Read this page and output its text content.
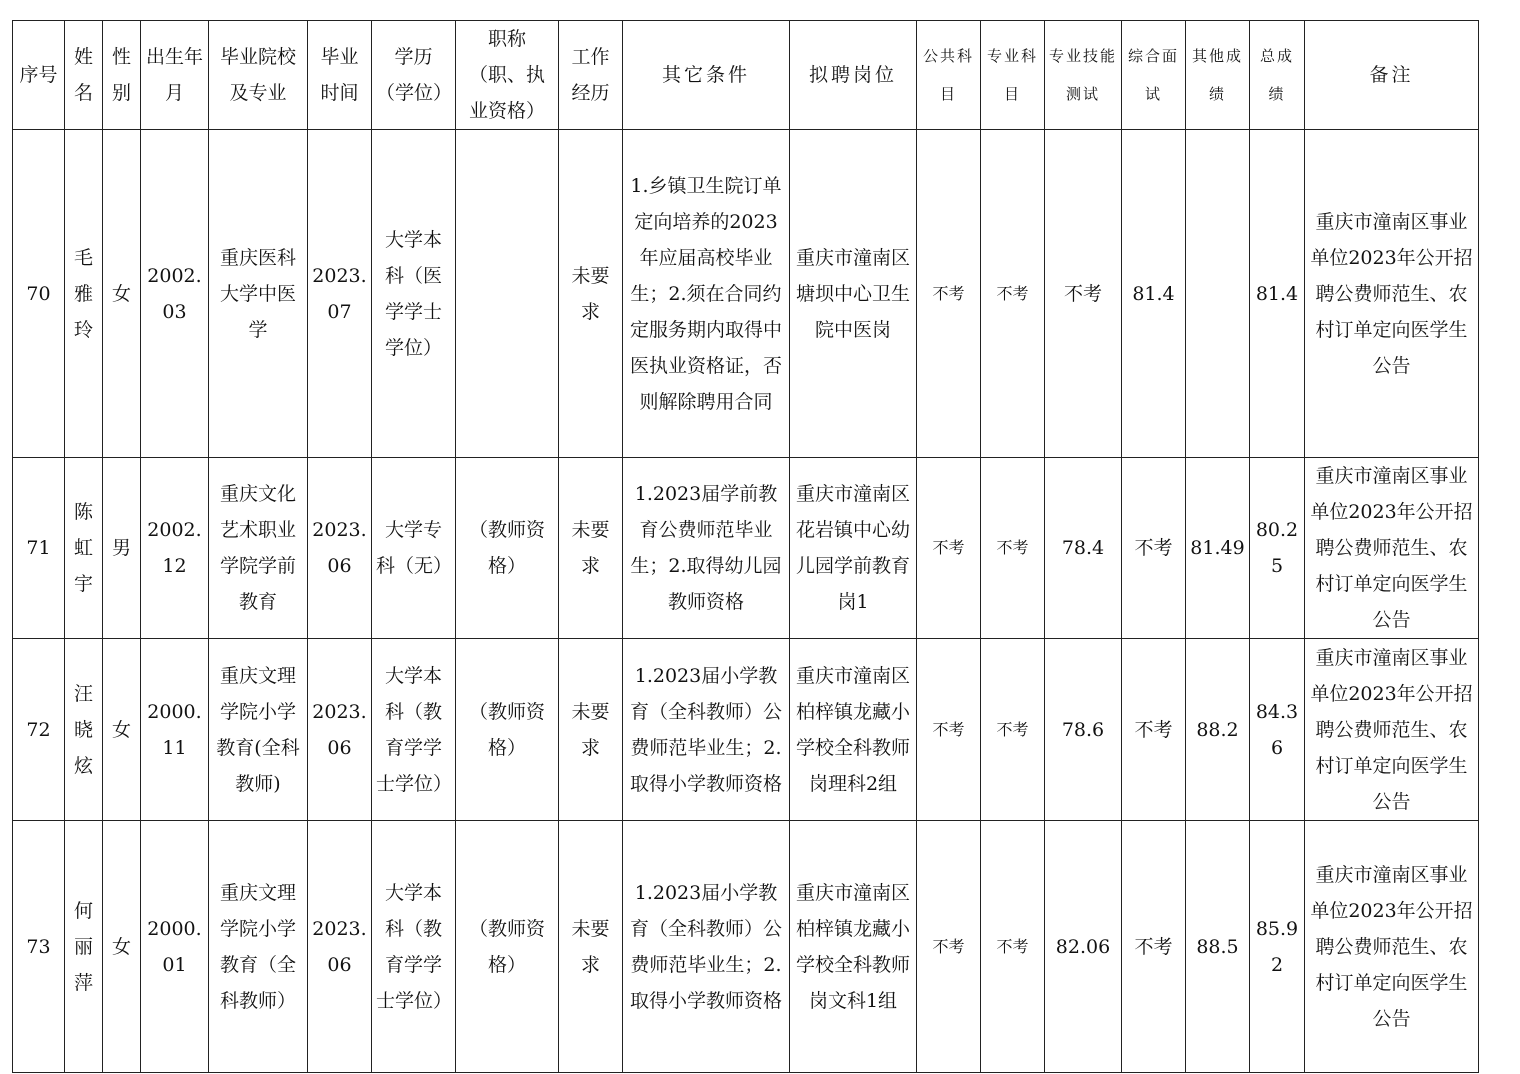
序号	姓名	性别	出生年月	毕业院校及专业	毕业时间	学历（学位）	职称（职、执业资格）	工作经历	其它条件	拟聘岗位	公共科目	专业科目	专业技能测试	综合面试	其他成绩	总成绩	备注
70	毛雅玲	女	2002.03	重庆医科大学中医学	2023.07	大学本科（医学学士学位）		未要求	1.乡镇卫生院订单定向培养的2023年应届高校毕业生；2.须在合同约定服务期内取得中医执业资格证，否则解除聘用合同	重庆市潼南区塘坝中心卫生院中医岗	不考	不考	不考	81.4		81.4	重庆市潼南区事业单位2023年公开招聘公费师范生、农村订单定向医学生公告
71	陈虹宇	男	2002.12	重庆文化艺术职业学院学前教育	2023.06	大学专科（无）	（教师资格）	未要求	1.2023届学前教育公费师范毕业生；2.取得幼儿园教师资格	重庆市潼南区花岩镇中心幼儿园学前教育岗1	不考	不考	78.4	不考	81.49	80.25	重庆市潼南区事业单位2023年公开招聘公费师范生、农村订单定向医学生公告
72	汪晓炫	女	2000.11	重庆文理学院小学教育(全科教师)	2023.06	大学本科（教育学学士学位）	（教师资格）	未要求	1.2023届小学教育（全科教师）公费师范毕业生；2.取得小学教师资格	重庆市潼南区柏梓镇龙藏小学校全科教师岗理科2组	不考	不考	78.6	不考	88.2	84.36	重庆市潼南区事业单位2023年公开招聘公费师范生、农村订单定向医学生公告
73	何丽萍	女	2000.01	重庆文理学院小学教育（全科教师）	2023.06	大学本科（教育学学士学位）	（教师资格）	未要求	1.2023届小学教育（全科教师）公费师范毕业生；2.取得小学教师资格	重庆市潼南区柏梓镇龙藏小学校全科教师岗文科1组	不考	不考	82.06	不考	88.5	85.92	重庆市潼南区事业单位2023年公开招聘公费师范生、农村订单定向医学生公告
